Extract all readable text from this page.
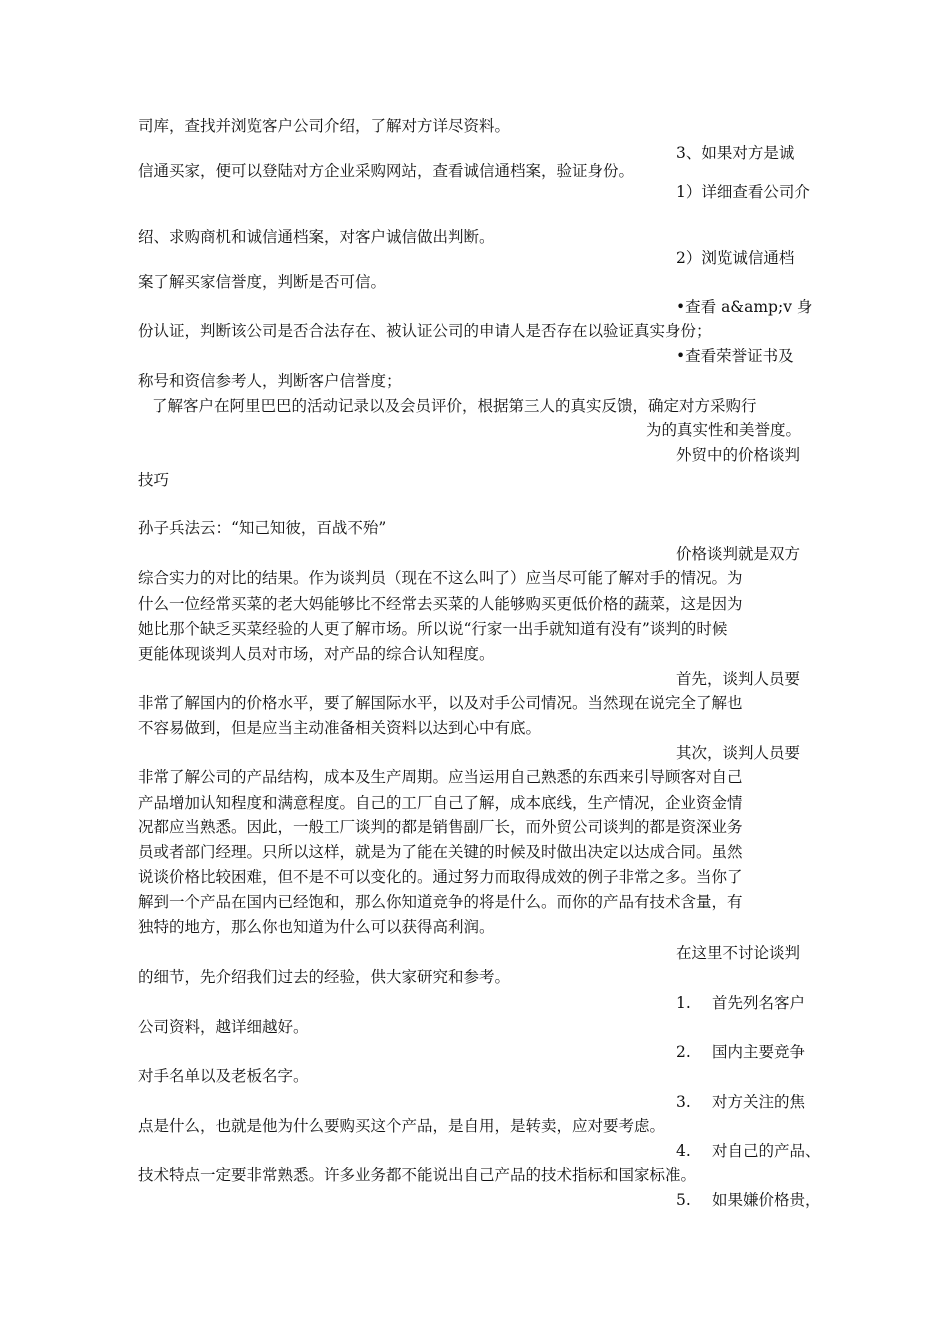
司库，查找并浏览客户公司介绍，了解对方详尽资料。
3、如果对方是诚
信通买家，便可以登陆对方企业采购网站，查看诚信通档案，验证身份。
1）详细查看公司介
绍、求购商机和诚信通档案，对客户诚信做出判断。
2）浏览诚信通档
案了解买家信誉度，判断是否可信。
•查看 a&amp;v 身
份认证，判断该公司是否合法存在、被认证公司的申请人是否存在以验证真实身份；
•查看荣誉证书及
称号和资信参考人，判断客户信誉度；
了解客户在阿里巴巴的活动记录以及会员评价，根据第三人的真实反馈，确定对方采购行
为的真实性和美誉度。
外贸中的价格谈判
技巧
孙子兵法云：“知己知彼，百战不殆”
价格谈判就是双方
综合实力的对比的结果。作为谈判员（现在不这么叫了）应当尽可能了解对手的情况。为
什么一位经常买菜的老大妈能够比不经常去买菜的人能够购买更低价格的蔬菜，这是因为
她比那个缺乏买菜经验的人更了解市场。所以说“行家一出手就知道有没有”谈判的时候
更能体现谈判人员对市场，对产品的综合认知程度。
首先，谈判人员要
非常了解国内的价格水平，要了解国际水平，以及对手公司情况。当然现在说完全了解也
不容易做到，但是应当主动准备相关资料以达到心中有底。
其次，谈判人员要
非常了解公司的产品结构，成本及生产周期。应当运用自己熟悉的东西来引导顾客对自己
产品增加认知程度和满意程度。自己的工厂自己了解，成本底线，生产情况，企业资金情
况都应当熟悉。因此，一般工厂谈判的都是销售副厂长，而外贸公司谈判的都是资深业务
员或者部门经理。只所以这样，就是为了能在关键的时候及时做出决定以达成合同。虽然
说谈价格比较困难，但不是不可以变化的。通过努力而取得成效的例子非常之多。当你了
解到一个产品在国内已经饱和，那么你知道竞争的将是什么。而你的产品有技术含量，有
独特的地方，那么你也知道为什么可以获得高利润。
在这里不讨论谈判
的细节，先介绍我们过去的经验，供大家研究和参考。
1. 首先列名客户
公司资料，越详细越好。
2. 国内主要竞争
对手名单以及老板名字。
3. 对方关注的焦
点是什么，也就是他为什么要购买这个产品，是自用，是转卖，应对要考虑。
4. 对自己的产品、
技术特点一定要非常熟悉。许多业务都不能说出自己产品的技术指标和国家标准。
5. 如果嫌价格贵，
